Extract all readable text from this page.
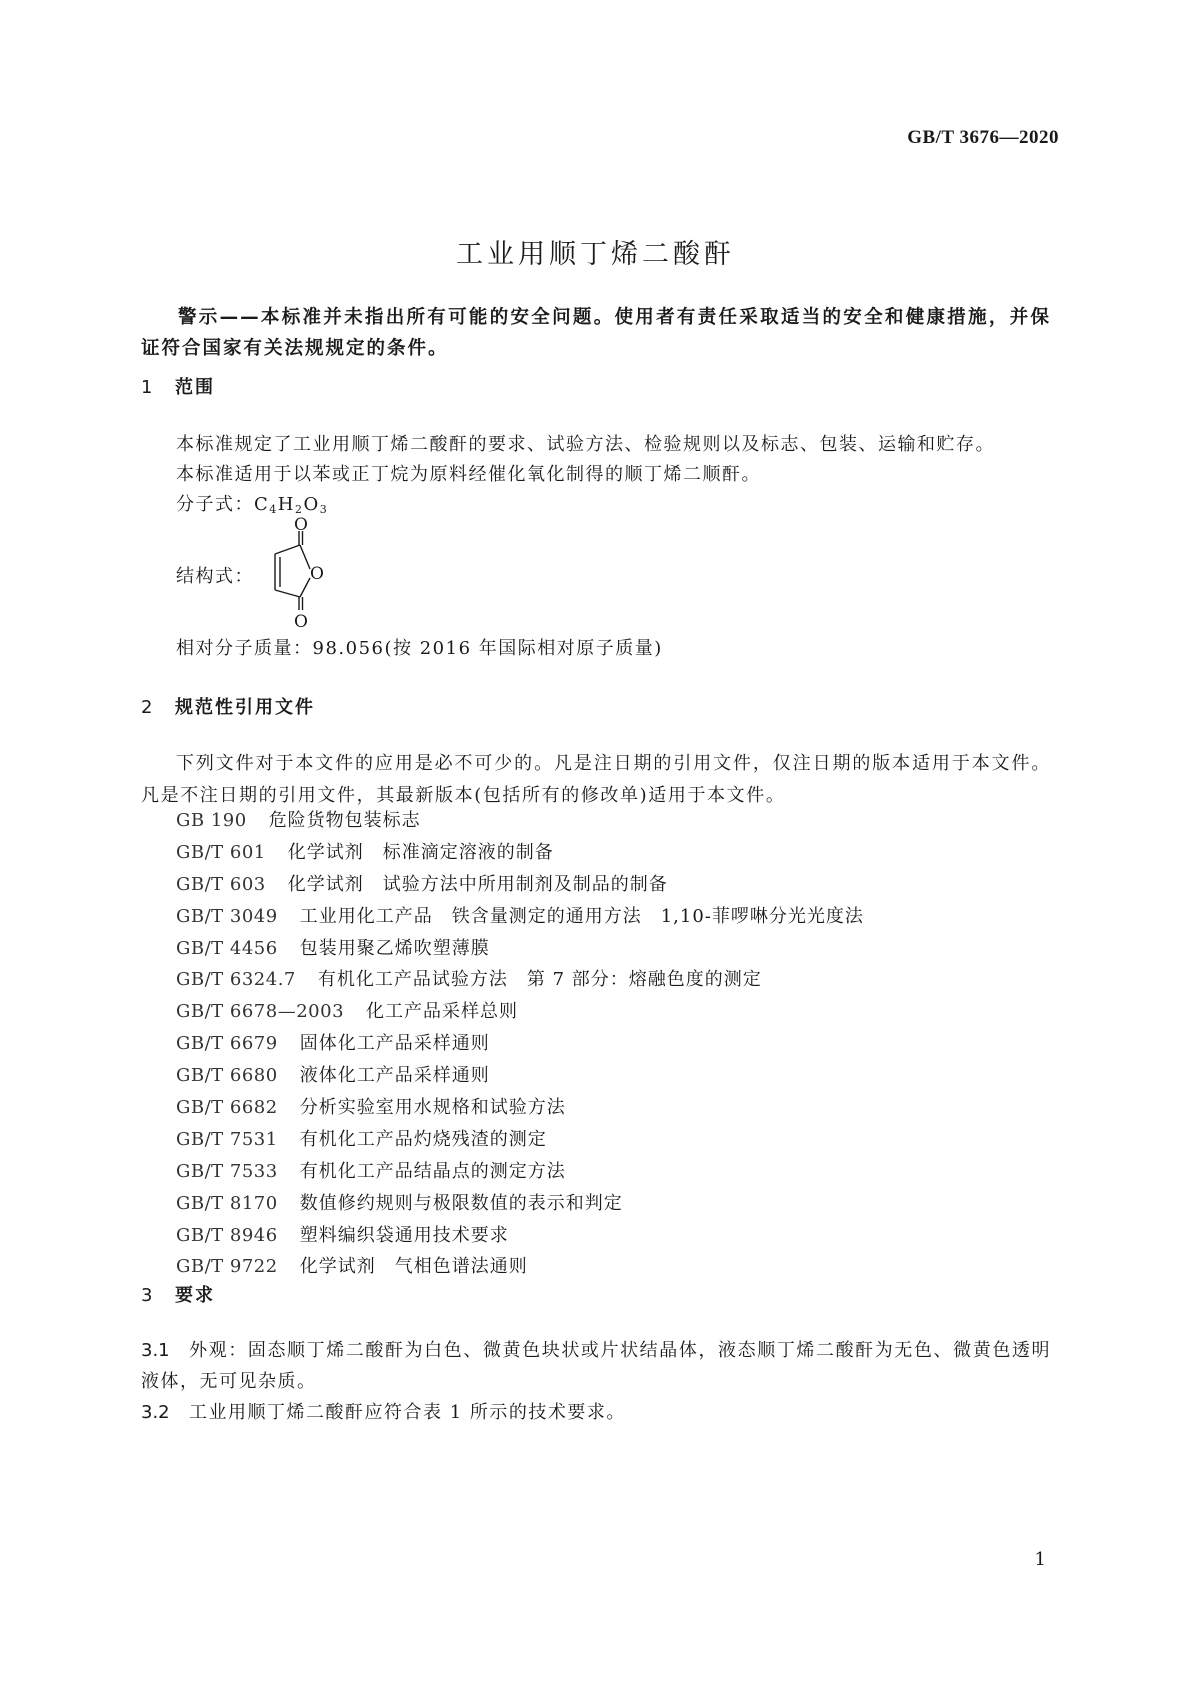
GB/T 3676—2020
工业用顺丁烯二酸酐
警示——本标准并未指出所有可能的安全问题。使用者有责任采取适当的安全和健康措施，并保证符合国家有关法规规定的条件。
1 范围
本标准规定了工业用顺丁烯二酸酐的要求、试验方法、检验规则以及标志、包装、运输和贮存。
本标准适用于以苯或正丁烷为原料经催化氧化制得的顺丁烯二顺酐。
分子式：$C_4H_2O_3$
结构式：
O
O
O
相对分子质量：98.056(按 2016 年国际相对原子质量)
2 规范性引用文件
下列文件对于本文件的应用是必不可少的。凡是注日期的引用文件，仅注日期的版本适用于本文件。凡是不注日期的引用文件，其最新版本(包括所有的修改单)适用于本文件。
GB 190 危险货物包装标志
GB/T 601 化学试剂　标准滴定溶液的制备
GB/T 603 化学试剂　试验方法中所用制剂及制品的制备
GB/T 3049 工业用化工产品　铁含量测定的通用方法　1,10-菲啰啉分光光度法
GB/T 4456 包装用聚乙烯吹塑薄膜
GB/T 6324.7 有机化工产品试验方法　第 7 部分：熔融色度的测定
GB/T 6678—2003 化工产品采样总则
GB/T 6679 固体化工产品采样通则
GB/T 6680 液体化工产品采样通则
GB/T 6682 分析实验室用水规格和试验方法
GB/T 7531 有机化工产品灼烧残渣的测定
GB/T 7533 有机化工产品结晶点的测定方法
GB/T 8170 数值修约规则与极限数值的表示和判定
GB/T 8946 塑料编织袋通用技术要求
GB/T 9722 化学试剂　气相色谱法通则
3 要求
3.1 外观：固态顺丁烯二酸酐为白色、微黄色块状或片状结晶体，液态顺丁烯二酸酐为无色、微黄色透明液体，无可见杂质。
3.2 工业用顺丁烯二酸酐应符合表 1 所示的技术要求。
1
